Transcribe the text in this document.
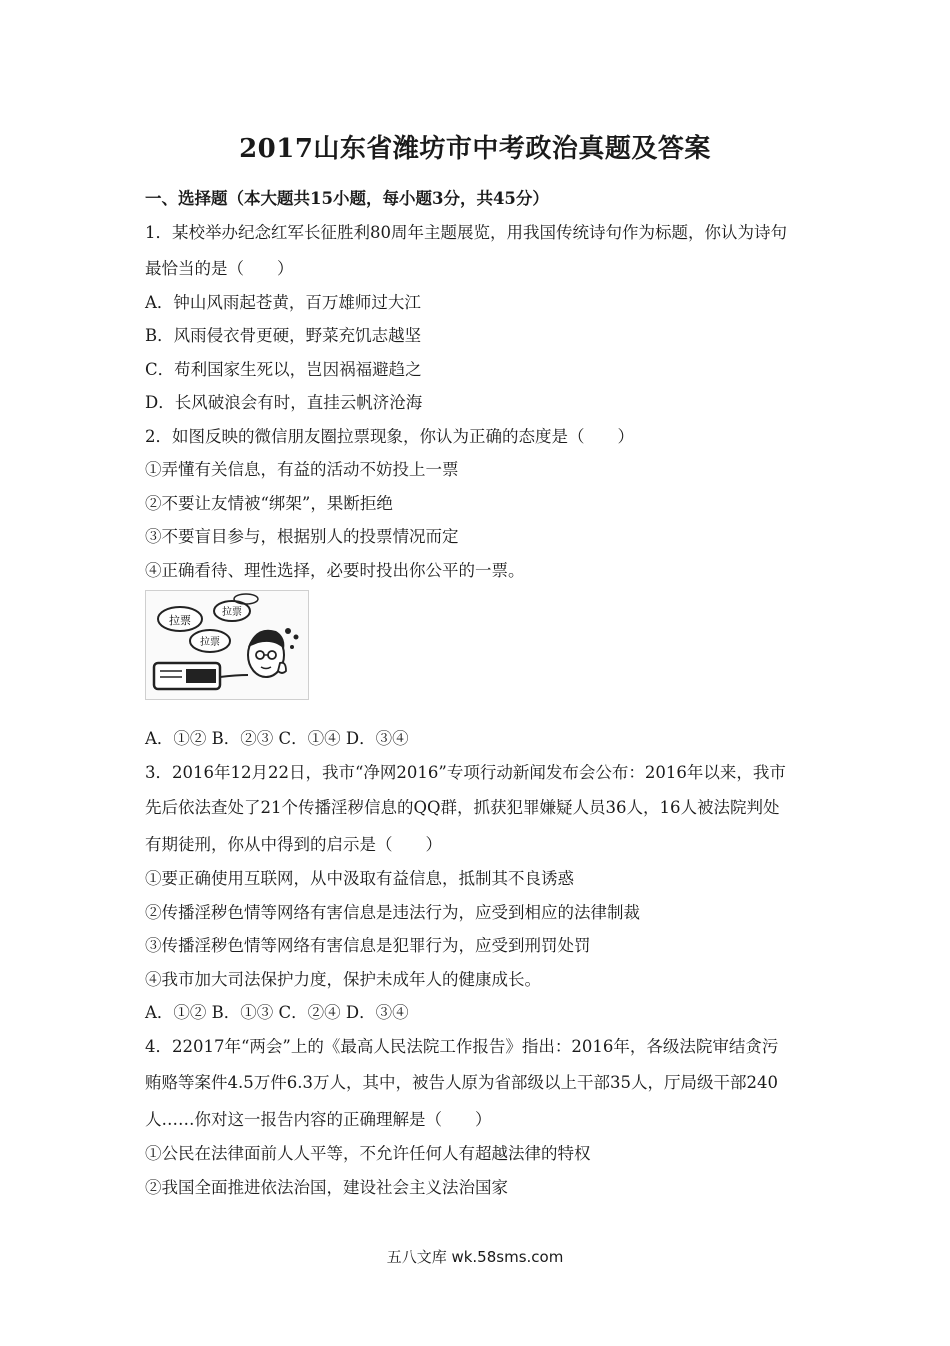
2017山东省潍坊市中考政治真题及答案
一、选择题（本大题共15小题，每小题3分，共45分）
1．某校举办纪念红军长征胜利80周年主题展览，用我国传统诗句作为标题，你认为诗句
最恰当的是（　　）
A．钟山风雨起苍黄，百万雄师过大江
B．风雨侵衣骨更硬，野菜充饥志越坚
C．苟利国家生死以，岂因祸福避趋之
D．长风破浪会有时，直挂云帆济沧海
2．如图反映的微信朋友圈拉票现象，你认为正确的态度是（　　）
①弄懂有关信息，有益的活动不妨投上一票
②不要让友情被“绑架”，果断拒绝
③不要盲目参与，根据别人的投票情况而定
④正确看待、理性选择，必要时投出你公平的一票。
拉票
拉票
拉票
A．①② B．②③ C．①④ D．③④
3．2016年12月22日，我市“净网2016”专项行动新闻发布会公布：2016年以来，我市
先后依法查处了21个传播淫秽信息的QQ群，抓获犯罪嫌疑人员36人，16人被法院判处
有期徒刑，你从中得到的启示是（　　）
①要正确使用互联网，从中汲取有益信息，抵制其不良诱惑
②传播淫秽色情等网络有害信息是违法行为，应受到相应的法律制裁
③传播淫秽色情等网络有害信息是犯罪行为，应受到刑罚处罚
④我市加大司法保护力度，保护未成年人的健康成长。
A．①② B．①③ C．②④ D．③④
4．22017年“两会”上的《最高人民法院工作报告》指出：2016年，各级法院审结贪污
贿赂等案件4.5万件6.3万人，其中，被告人原为省部级以上干部35人，厅局级干部240
人……你对这一报告内容的正确理解是（　　）
①公民在法律面前人人平等，不允许任何人有超越法律的特权
②我国全面推进依法治国，建设社会主义法治国家
五八文库 wk.58sms.com
